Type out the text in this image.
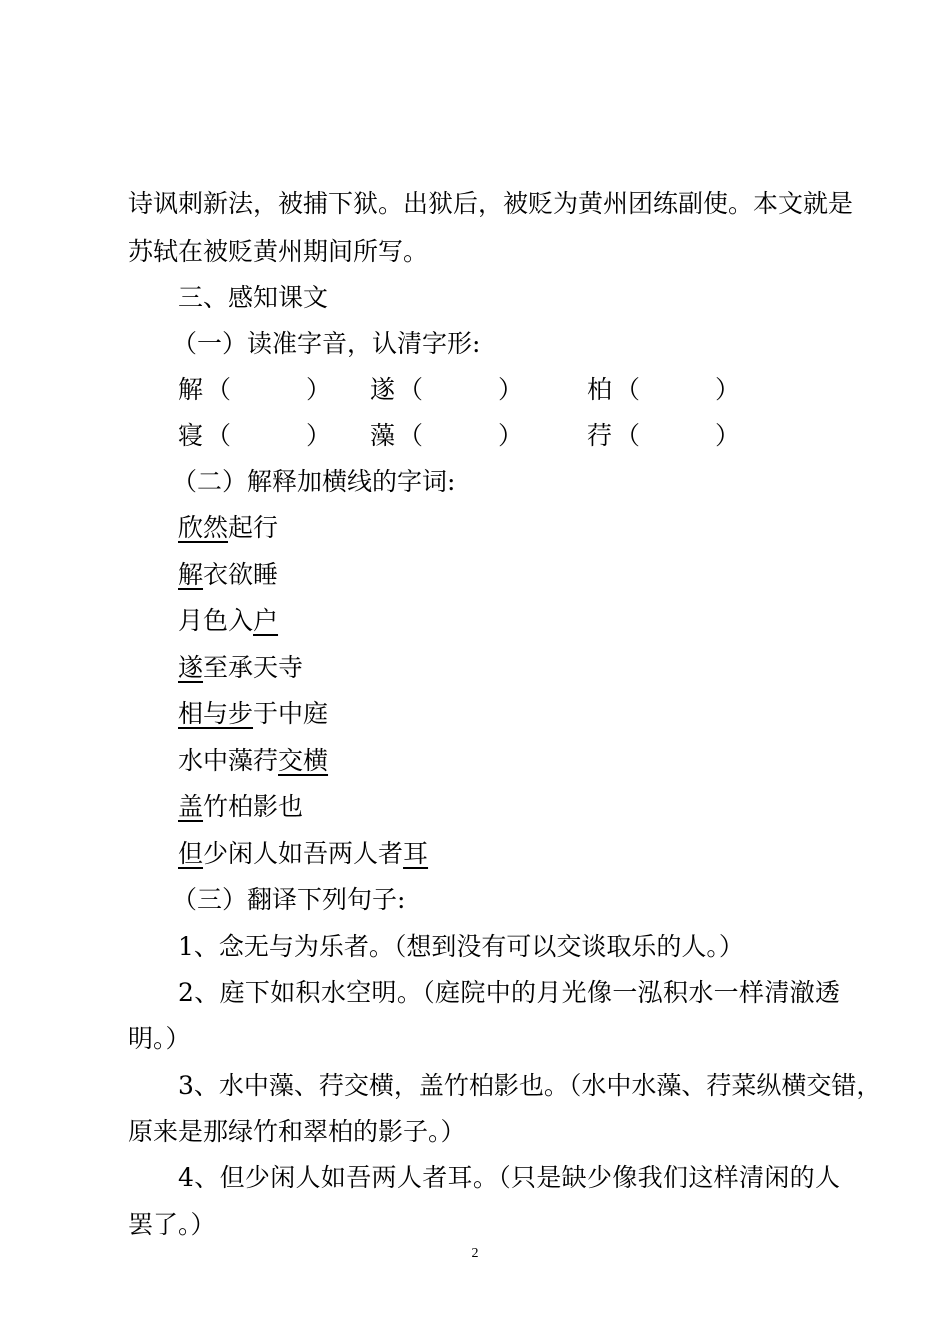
诗讽刺新法，被捕下狱。出狱后，被贬为黄州团练副使。本文就是
苏轼在被贬黄州期间所写。
三、感知课文
（一）读准字音，认清字形:
解 （　　　） 遂 （　　　）	柏 （　　　）
寝 （　　　） 藻 （　　　）	荇 （　　　）
（二）解释加横线的字词:
欣然起行
解衣欲睡
月色入户
遂至承天寺
相与步于中庭
水中藻荇交横
盖竹柏影也
但少闲人如吾两人者耳
（三）翻译下列句子:
1、念无与为乐者。（想到没有可以交谈取乐的人。）
2、庭下如积水空明。（庭院中的月光像一泓积水一样清澈透
明。）
3、水中藻、荇交横，盖竹柏影也。（水中水藻、荇菜纵横交错，
原来是那绿竹和翠柏的影子。）
4、但少闲人如吾两人者耳。（只是缺少像我们这样清闲的人
罢了。）
2
